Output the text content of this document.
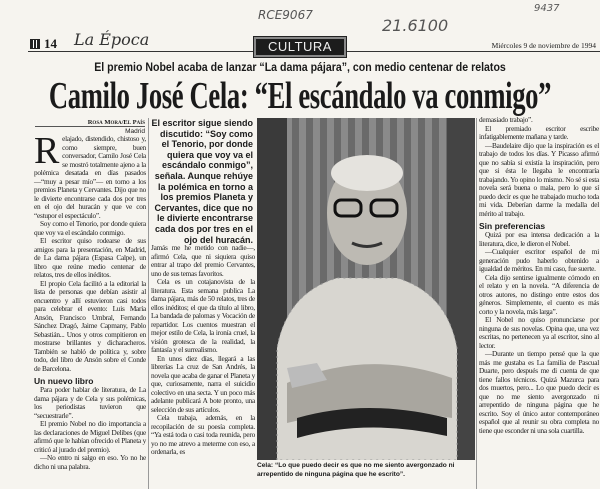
14 La Época
RCE9067
21.6100
9437
CULTURA	Miércoles 9 de noviembre de 1994
El premio Nobel acaba de lanzar “La dama pájara”, con medio centenar de relatos
Camilo José Cela: “El escándalo va conmigo”
Rosa Mora/El País
Madrid

Relajado, distendido, chistoso y, como siempre, buen conversador, Camilo José Cela se mostró totalmente ajeno a la polémica desatada en días pasados —“muy a pesar mío”— en torno a los premios Planeta y Cervantes. Dijo que no le divierte encontrarse cada dos por tres en el ojo del huracán y que ve con “estupor el espectáculo”.

Soy como el Tenorio, por donde quiera que voy va el escándalo conmigo.

El escritor quiso rodearse de sus amigos para la presentación, en Madrid, de La dama pájara (Espasa Calpe), un libro que reúne medio centenar de relatos, tres de ellos inéditos.

El propio Cela facilitó a la editorial la lista de personas que debían asistir al encuentro y allí estuvieron casi todos para celebrar el evento: Luis María Ansón, Francisco Umbral, Fernando Sánchez Dragó, Jaime Capmany, Pablo Sebastián... Unos y otros compitieron en mostrarse brillantes y dicharacheros. También se habló de política y, sobre todo, del libro de Ansón sobre el Conde de Barcelona.

Un nuevo libro

Para poder hablar de literatura, de La dama pájara y de Cela y sus polémicas, los periodistas tuvieron que “secuestrarle”.

El premio Nobel no dio importancia a las declaraciones de Miguel Delibes (que afirmó que le habían ofrecido el Planeta y criticó al jurado del premio).

—No entro ni salgo en eso. Yo no he dicho ni una palabra.

El escritor sigue siendo discutido: “Soy como el Tenorio, por donde quiera que voy va el escándalo conmigo”, señala. Aunque rehúye la polémica en torno a los premios Planeta y Cervantes, dice que no le divierte encontrarse cada dos por tres en el ojo del huracán.

Jamás me he metido con nadie—, afirmó Cela, que ni siquiera quiso entrar al trapo del premio Cervantes, uno de sus temas favoritos.

Cela es un cotajanovista de la literatura. Esta semana publica La dama pájara, más de 50 relatos, tres de ellos inéditos; el que da título al libro, La bandada de palomas y Vocación de repartidor. Los cuentos muestran el mejor estilo de Cela, la ironía cruel, la visión grotesca de la realidad, la fantasía y el surrealismo.

En unos diez días, llegará a las librerías La cruz de San Andrés, la novela que acaba de ganar el Planeta y que, curiosamente, narra el suicidio colectivo en una secta. Y un poco más adelante publicará A bote pronto, una selección de sus artículos.

Cela trabaja, además, en la recopilación de su poesía completa. “Ya está toda o casi toda reunida, pero yo no me atrevo a meterme con eso, a ordenarla, es

Cela: “Lo que puedo decir es que no me siento avergonzado ni arrepentido de ninguna página que he escrito”.

demasiado trabajo”.

El premiado escritor escribe infatigablemente mañana y tarde.

—Baudelaire dijo que la inspiración es el trabajo de todos los días. Y Picasso afirmó que no sabía si existía la inspiración, pero que si ésta le llegaba le encontraría trabajando. Yo opino lo mismo. No sé si esta novela será buena o mala, pero lo que sí puedo decir es que he trabajado mucho toda mi vida. Deberían darme la medalla del mérito al trabajo.

Sin preferencias

Quizá por esa intensa dedicación a la literatura, dice, le dieron el Nobel.

—Cualquier escritor español de mi generación pudo haberlo obtenido a igualdad de méritos. En mi caso, fue suerte.

Cela dijo sentirse igualmente cómodo en el relato y en la novela. “A diferencia de otros autores, no distingo entre estos dos géneros. Simplemente, el cuento es más corto y la novela, más larga”.

El Nobel no quiso pronunciarse por ninguna de sus novelas. Opina que, una vez escritas, no pertenecen ya al escritor, sino al lector.

—Durante un tiempo pensé que la que más me gustaba es La familia de Pascual Duarte, pero después me di cuenta de que tiene fallos técnicos. Quizá Mazurca para dos muertos, pero... Lo que puedo decir es que no me siento avergonzado ni arrepentido de ninguna página que he escrito. Soy el único autor contemporáneo español que al reunir su obra completa no tiene que esconder ni una sola cuartilla.
